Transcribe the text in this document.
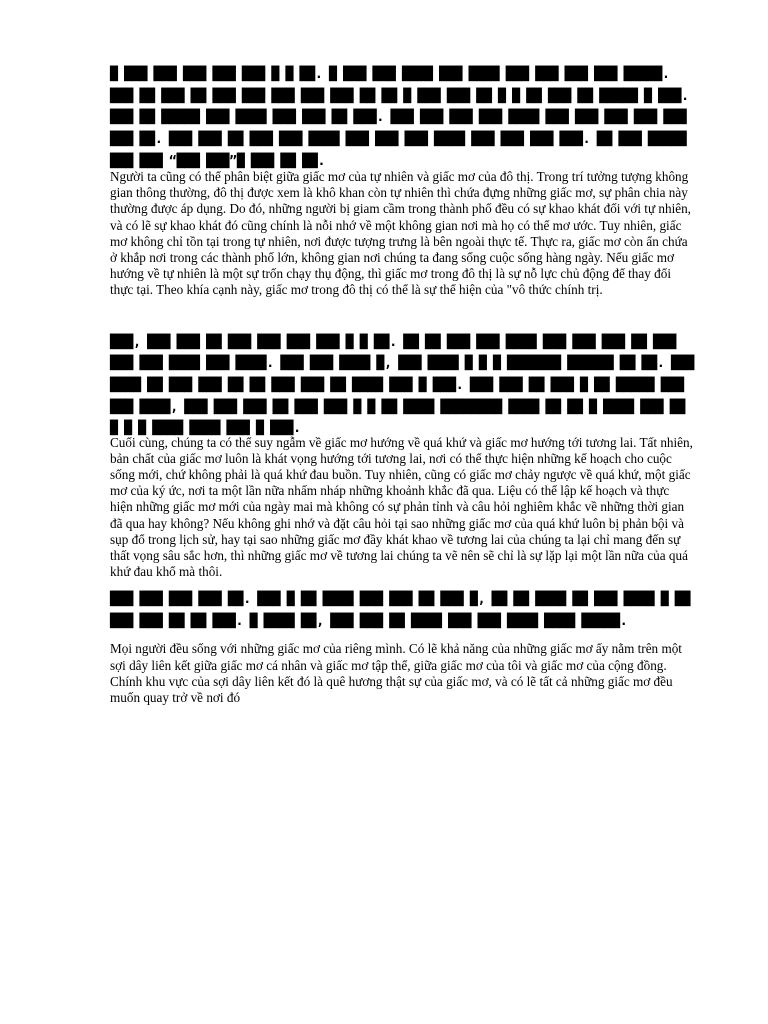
█ ███ ███ ███ ███ ███ █ █ ██. █ ███ ███ ████ ███ ████ ███ ███ ███ ███ █████. ███ ██ ███ ██ ███ ███ ███ ███ ███ ██ ██ █ ███ ███ ██ █ █ ██ ███ ██ █████ █ ███. ███ ██ █████ ███ ████ ███ ███ ██ ███. ███ ███ ███ ███ ████ ███ ███ ███ ███ ███ ███ ██. ███ ███ ██ ███ ███ ████ ███ ███ ███ ████ ███ ███ ███ ███. ██ ███ █████ ███ ███ “███ ███”█ ███ ██ ██.

Người ta cũng có thể phân biệt giữa giấc mơ của tự nhiên và giấc mơ của đô thị. Trong trí tưởng tượng không gian thông thường, đô thị được xem là khô khan còn tự nhiên thì chứa đựng những giấc mơ, sự phân chia này thường được áp dụng. Do đó, những người bị giam cầm trong thành phố đều có sự khao khát đối với tự nhiên, và có lẽ sự khao khát đó cũng chính là nỗi nhớ về một không gian nơi mà họ có thể mơ ước. Tuy nhiên, giấc mơ không chỉ tồn tại trong tự nhiên, nơi được tượng trưng là bên ngoài thực tế. Thực ra, giấc mơ còn ẩn chứa ở khắp nơi trong các thành phố lớn, không gian nơi chúng ta đang sống cuộc sống hàng ngày. Nếu giấc mơ hướng về tự nhiên là một sự trốn chạy thụ động, thì giấc mơ trong đô thị là sự nỗ lực chủ động để thay đổi thực tại. Theo khía cạnh này, giấc mơ trong đô thị có thể là sự thể hiện của "vô thức chính trị.

███, ███ ███ ██ ███ ███ ███ ███ █ █ ██. ██ ██ ███ ███ ████ ███ ███ ███ ██ ███ ███ ███ ████ ███ ████. ███ ███ ████ █, ███ ████ █ █ █ ███████ ██████ ██ ██. ███ ████ ██ ███ ███ ██ ██ ███ ███ ██ ████ ███ █ ███. ███ ███ ██ ███ █ ██ █████ ███ ███ ████, ███ ███ ███ ██ ███ ███ █ █ ██ ████ ████████ ████ ██ ██ █ ████ ███ ██ █ █ █ ████ ████ ███ █ ███.

Cuối cùng, chúng ta có thể suy ngẫm về giấc mơ hướng về quá khứ và giấc mơ hướng tới tương lai. Tất nhiên, bản chất của giấc mơ luôn là khát vọng hướng tới tương lai, nơi có thể thực hiện những kế hoạch cho cuộc sống mới, chứ không phải là quá khứ đau buồn. Tuy nhiên, cũng có giấc mơ chảy ngược về quá khứ, một giấc mơ của ký ức, nơi ta một lần nữa nhấm nháp những khoảnh khắc đã qua. Liệu có thể lập kế hoạch và thực hiện những giấc mơ mới của ngày mai mà không có sự phản tỉnh và câu hỏi nghiêm khắc về những thời gian đã qua hay không? Nếu không ghi nhớ và đặt câu hỏi tại sao những giấc mơ của quá khứ luôn bị phản bội và sụp đổ trong lịch sử, hay tại sao những giấc mơ đầy khát khao về tương lai của chúng ta lại chỉ mang đến sự thất vọng sâu sắc hơn, thì những giấc mơ về tương lai chúng ta vẽ nên sẽ chỉ là sự lặp lại một lần nữa của quá khứ đau khổ mà thôi.

███ ███ ███ ███ ██. ███ █ ██ ████ ███ ███ ██ ███ █, ██ ██ ████ ██ ███ ████ █ ██ ███ ███ ██ ██ ███. █ ████ ██, ███ ███ ██ ████ ███ ███ ████ ████ █████.

Mọi người đều sống với những giấc mơ của riêng mình. Có lẽ khả năng của những giấc mơ ấy nằm trên một sợi dây liên kết giữa giấc mơ cá nhân và giấc mơ tập thể, giữa giấc mơ của tôi và giấc mơ của cộng đồng. Chính khu vực của sợi dây liên kết đó là quê hương thật sự của giấc mơ, và có lẽ tất cả những giấc mơ đều muốn quay trở về nơi đó
